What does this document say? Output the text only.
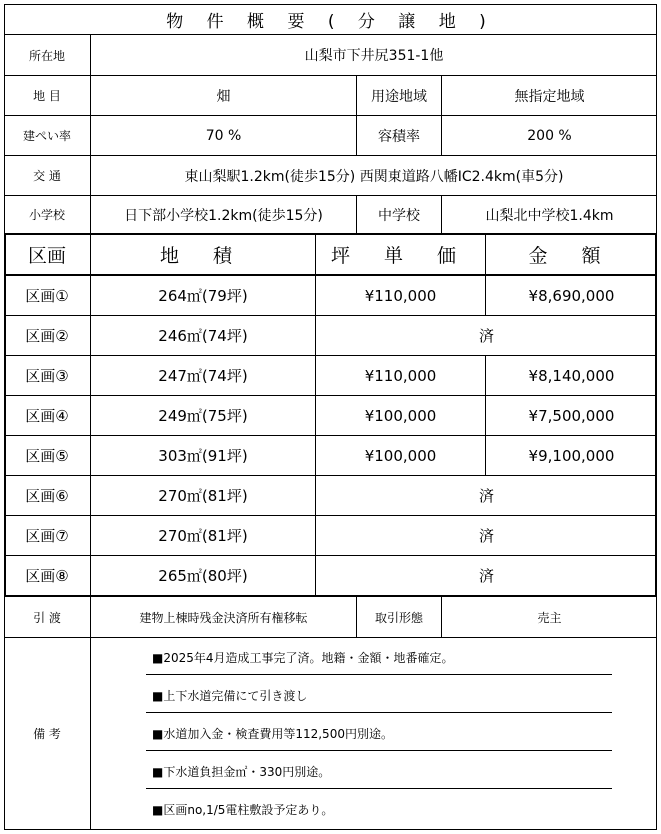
物 件 概 要 ( 分 譲 地 )
所在地	山梨市下井尻351-1他
地 目	畑	用途地域	無指定地域
建ぺい率	70 %	容積率	200 %
交 通	東山梨駅1.2km(徒歩15分) 西関東道路八幡IC2.4km(車5分)
小学校	日下部小学校1.2km(徒歩15分)	中学校	山梨北中学校1.4km
区画	地 積	坪 単 価	金 額
区画①	264㎡(79坪)	¥110,000	¥8,690,000
区画②	246㎡(74坪)	済
区画③	247㎡(74坪)	¥110,000	¥8,140,000
区画④	249㎡(75坪)	¥100,000	¥7,500,000
区画⑤	303㎡(91坪)	¥100,000	¥9,100,000
区画⑥	270㎡(81坪)	済
区画⑦	270㎡(81坪)	済
区画⑧	265㎡(80坪)	済
引 渡	建物上棟時残金決済所有権移転	取引形態	売主
備 考
■2025年4月造成工事完了済。地籍・金額・地番確定。
■上下水道完備にて引き渡し
■水道加入金・検査費用等112,500円別途。
■下水道負担金㎡・330円別途。
■区画no,1/5電柱敷設予定あり。
